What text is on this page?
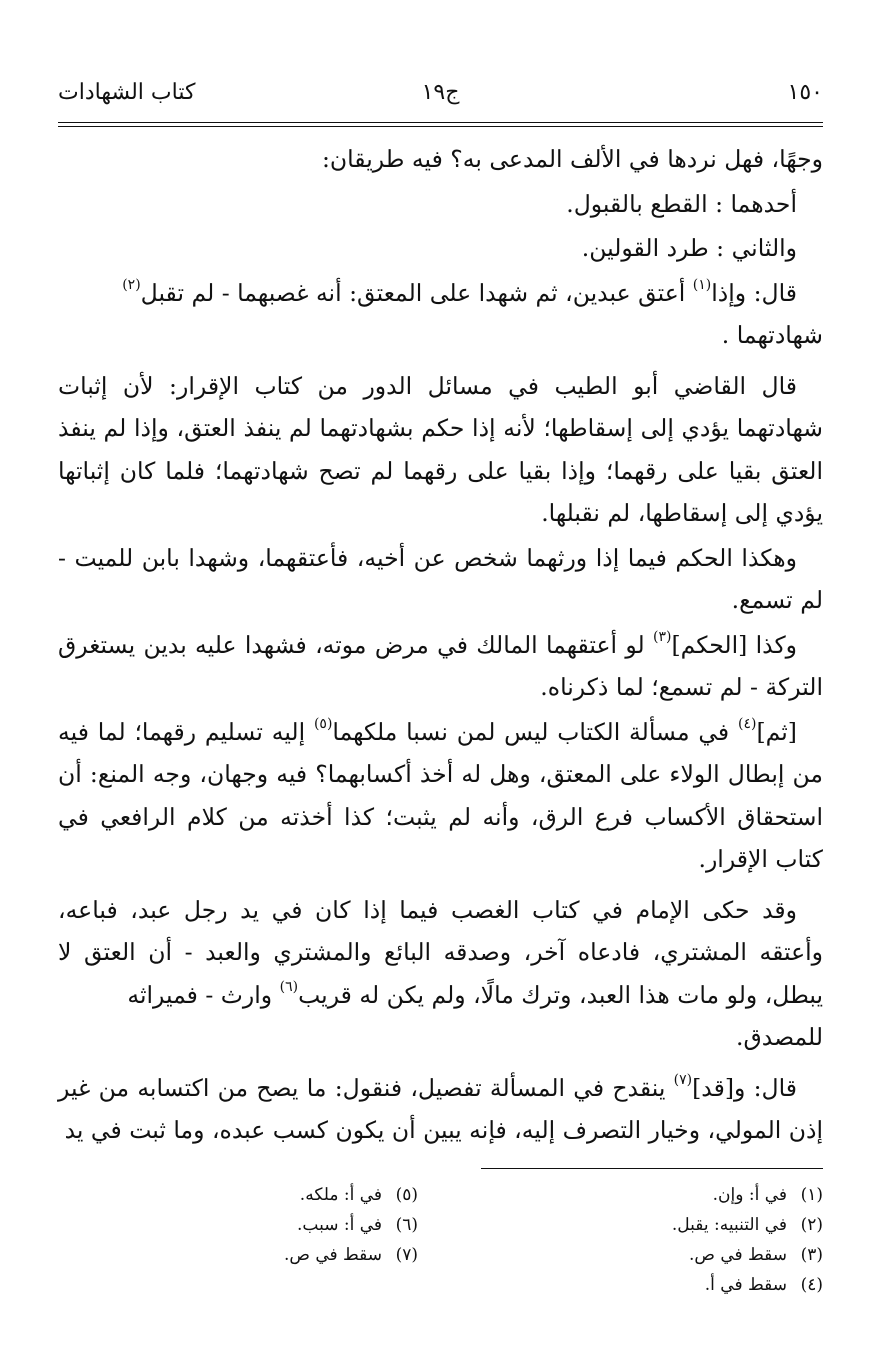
١٥٠
ج١٩
كتاب الشهادات

وجهًا، فهل نردها في الألف المدعى به؟ فيه طريقان:

أحدهما : القطع بالقبول.

والثاني : طرد القولين.

قال: وإذا$^{(١)}$ أعتق عبدين، ثم شهدا على المعتق: أنه غصبهما - لم تقبل$^{(٢)}$

شهادتهما .

قال القاضي أبو الطيب في مسائل الدور من كتاب الإقرار: لأن إثبات شهادتهما يؤدي إلى إسقاطها؛ لأنه إذا حكم بشهادتهما لم ينفذ العتق، وإذا لم ينفذ العتق بقيا على رقهما؛ وإذا بقيا على رقهما لم تصح شهادتهما؛ فلما كان إثباتها يؤدي إلى إسقاطها، لم نقبلها.

وهكذا الحكم فيما إذا ورثهما شخص عن أخيه، فأعتقهما، وشهدا بابن للميت - لم تسمع.

وكذا [الحكم]$^{(٣)}$ لو أعتقهما المالك في مرض موته، فشهدا عليه بدين يستغرق التركة - لم تسمع؛ لما ذكرناه.

[ثم]$^{(٤)}$ في مسألة الكتاب ليس لمن نسبا ملكهما$^{(٥)}$ إليه تسليم رقهما؛ لما فيه من إبطال الولاء على المعتق، وهل له أخذ أكسابهما؟ فيه وجهان، وجه المنع: أن استحقاق الأكساب فرع الرق، وأنه لم يثبت؛ كذا أخذته من كلام الرافعي في كتاب الإقرار.

وقد حكى الإمام في كتاب الغصب فيما إذا كان في يد رجل عبد، فباعه، وأعتقه المشتري، فادعاه آخر، وصدقه البائع والمشتري والعبد - أن العتق لا يبطل، ولو مات هذا العبد، وترك مالًا، ولم يكن له قريب$^{(٦)}$ وارث - فميراثه

للمصدق.

قال: و[قد]$^{(٧)}$ ينقدح في المسألة تفصيل، فنقول: ما يصح من اكتسابه من غير إذن المولي، وخيار التصرف إليه، فإنه يبين أن يكون كسب عبده، وما ثبت في يد

(١)في أ: وإن.
(٢)في التنبيه: يقبل.
(٣)سقط في ص.
(٤)سقط في أ.
(٥)في أ: ملكه.
(٦)في أ: سبب.
(٧)سقط في ص.
